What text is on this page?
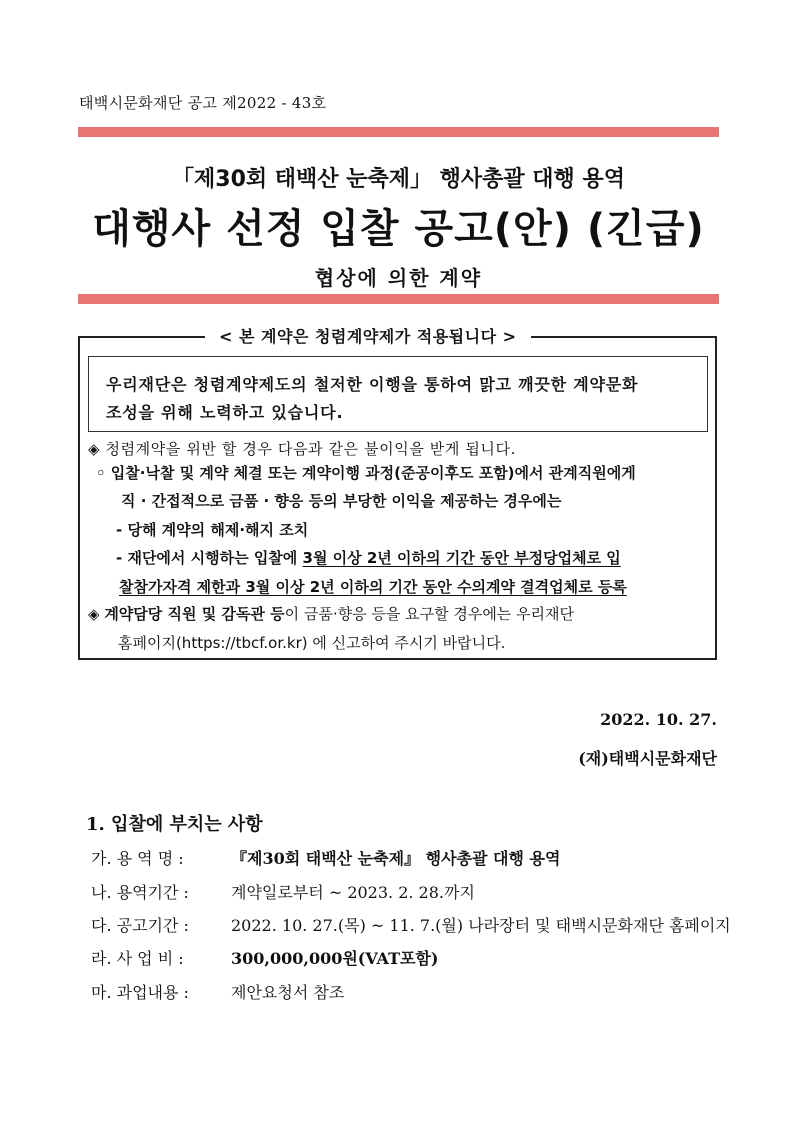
태백시문화재단 공고 제2022 - 43호
「제30회 태백산 눈축제」 행사총괄 대행 용역
대행사 선정 입찰 공고(안) (긴급)
협상에 의한 계약
< 본 계약은 청렴계약제가 적용됩니다 >
우리재단은 청렴계약제도의 철저한 이행을 통하여 맑고 깨끗한 계약문화
조성을 위해 노력하고 있습니다.
◈ 청렴계약을 위반 할 경우 다음과 같은 불이익을 받게 됩니다.
◦ 입찰·낙찰 및 계약 체결 또는 계약이행 과정(준공이후도 포함)에서 관계직원에게
직 · 간접적으로 금품 · 향응 등의 부당한 이익을 제공하는 경우에는
- 당해 계약의 해제·해지 조치
- 재단에서 시행하는 입찰에 3월 이상 2년 이하의 기간 동안 부정당업체로 입
찰참가자격 제한과 3월 이상 2년 이하의 기간 동안 수의계약 결격업체로 등록
◈ 계약담당 직원 및 감독관 등이 금품·향응 등을 요구할 경우에는 우리재단
홈페이지(https://tbcf.or.kr) 에 신고하여 주시기 바랍니다.
2022. 10. 27.
(재)태백시문화재단
1. 입찰에 부치는 사항
가. 용 역 명 :	『제30회 태백산 눈축제』 행사총괄 대행 용역
나. 용역기간 :	계약일로부터 ~ 2023. 2. 28.까지
다. 공고기간 :	2022. 10. 27.(목) ~ 11. 7.(월) 나라장터 및 태백시문화재단 홈페이지
라. 사 업 비 :	300,000,000원(VAT포함)
마. 과업내용 :	제안요청서 참조
